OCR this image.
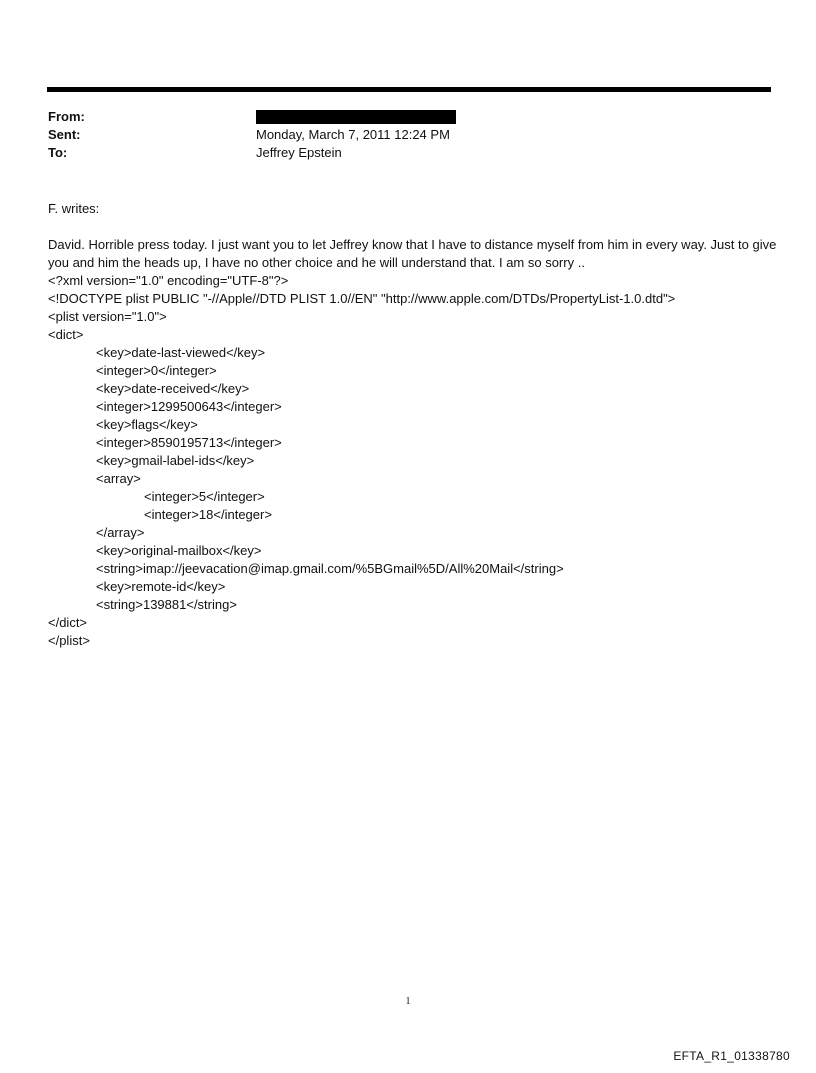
From:
Sent:	Monday, March 7, 2011 12:24 PM
To:	Jeffrey Epstein
F. writes:
David. Horrible press today. I just want you to let Jeffrey know that I have to distance myself from him in every way. Just to give you and him the heads up, I have no other choice and he will understand that. I am so sorry ..
<?xml version="1.0" encoding="UTF-8"?>
<!DOCTYPE plist PUBLIC "-//Apple//DTD PLIST 1.0//EN" "http://www.apple.com/DTDs/PropertyList-1.0.dtd">
<plist version="1.0">
<dict>
<key>date-last-viewed</key>
<integer>0</integer>
<key>date-received</key>
<integer>1299500643</integer>
<key>flags</key>
<integer>8590195713</integer>
<key>gmail-label-ids</key>
<array>
<integer>5</integer>
<integer>18</integer>
</array>
<key>original-mailbox</key>
<string>imap://jeevacation@imap.gmail.com/%5BGmail%5D/All%20Mail</string>
<key>remote-id</key>
<string>139881</string>
</dict>
</plist>
1
EFTA_R1_01338780
